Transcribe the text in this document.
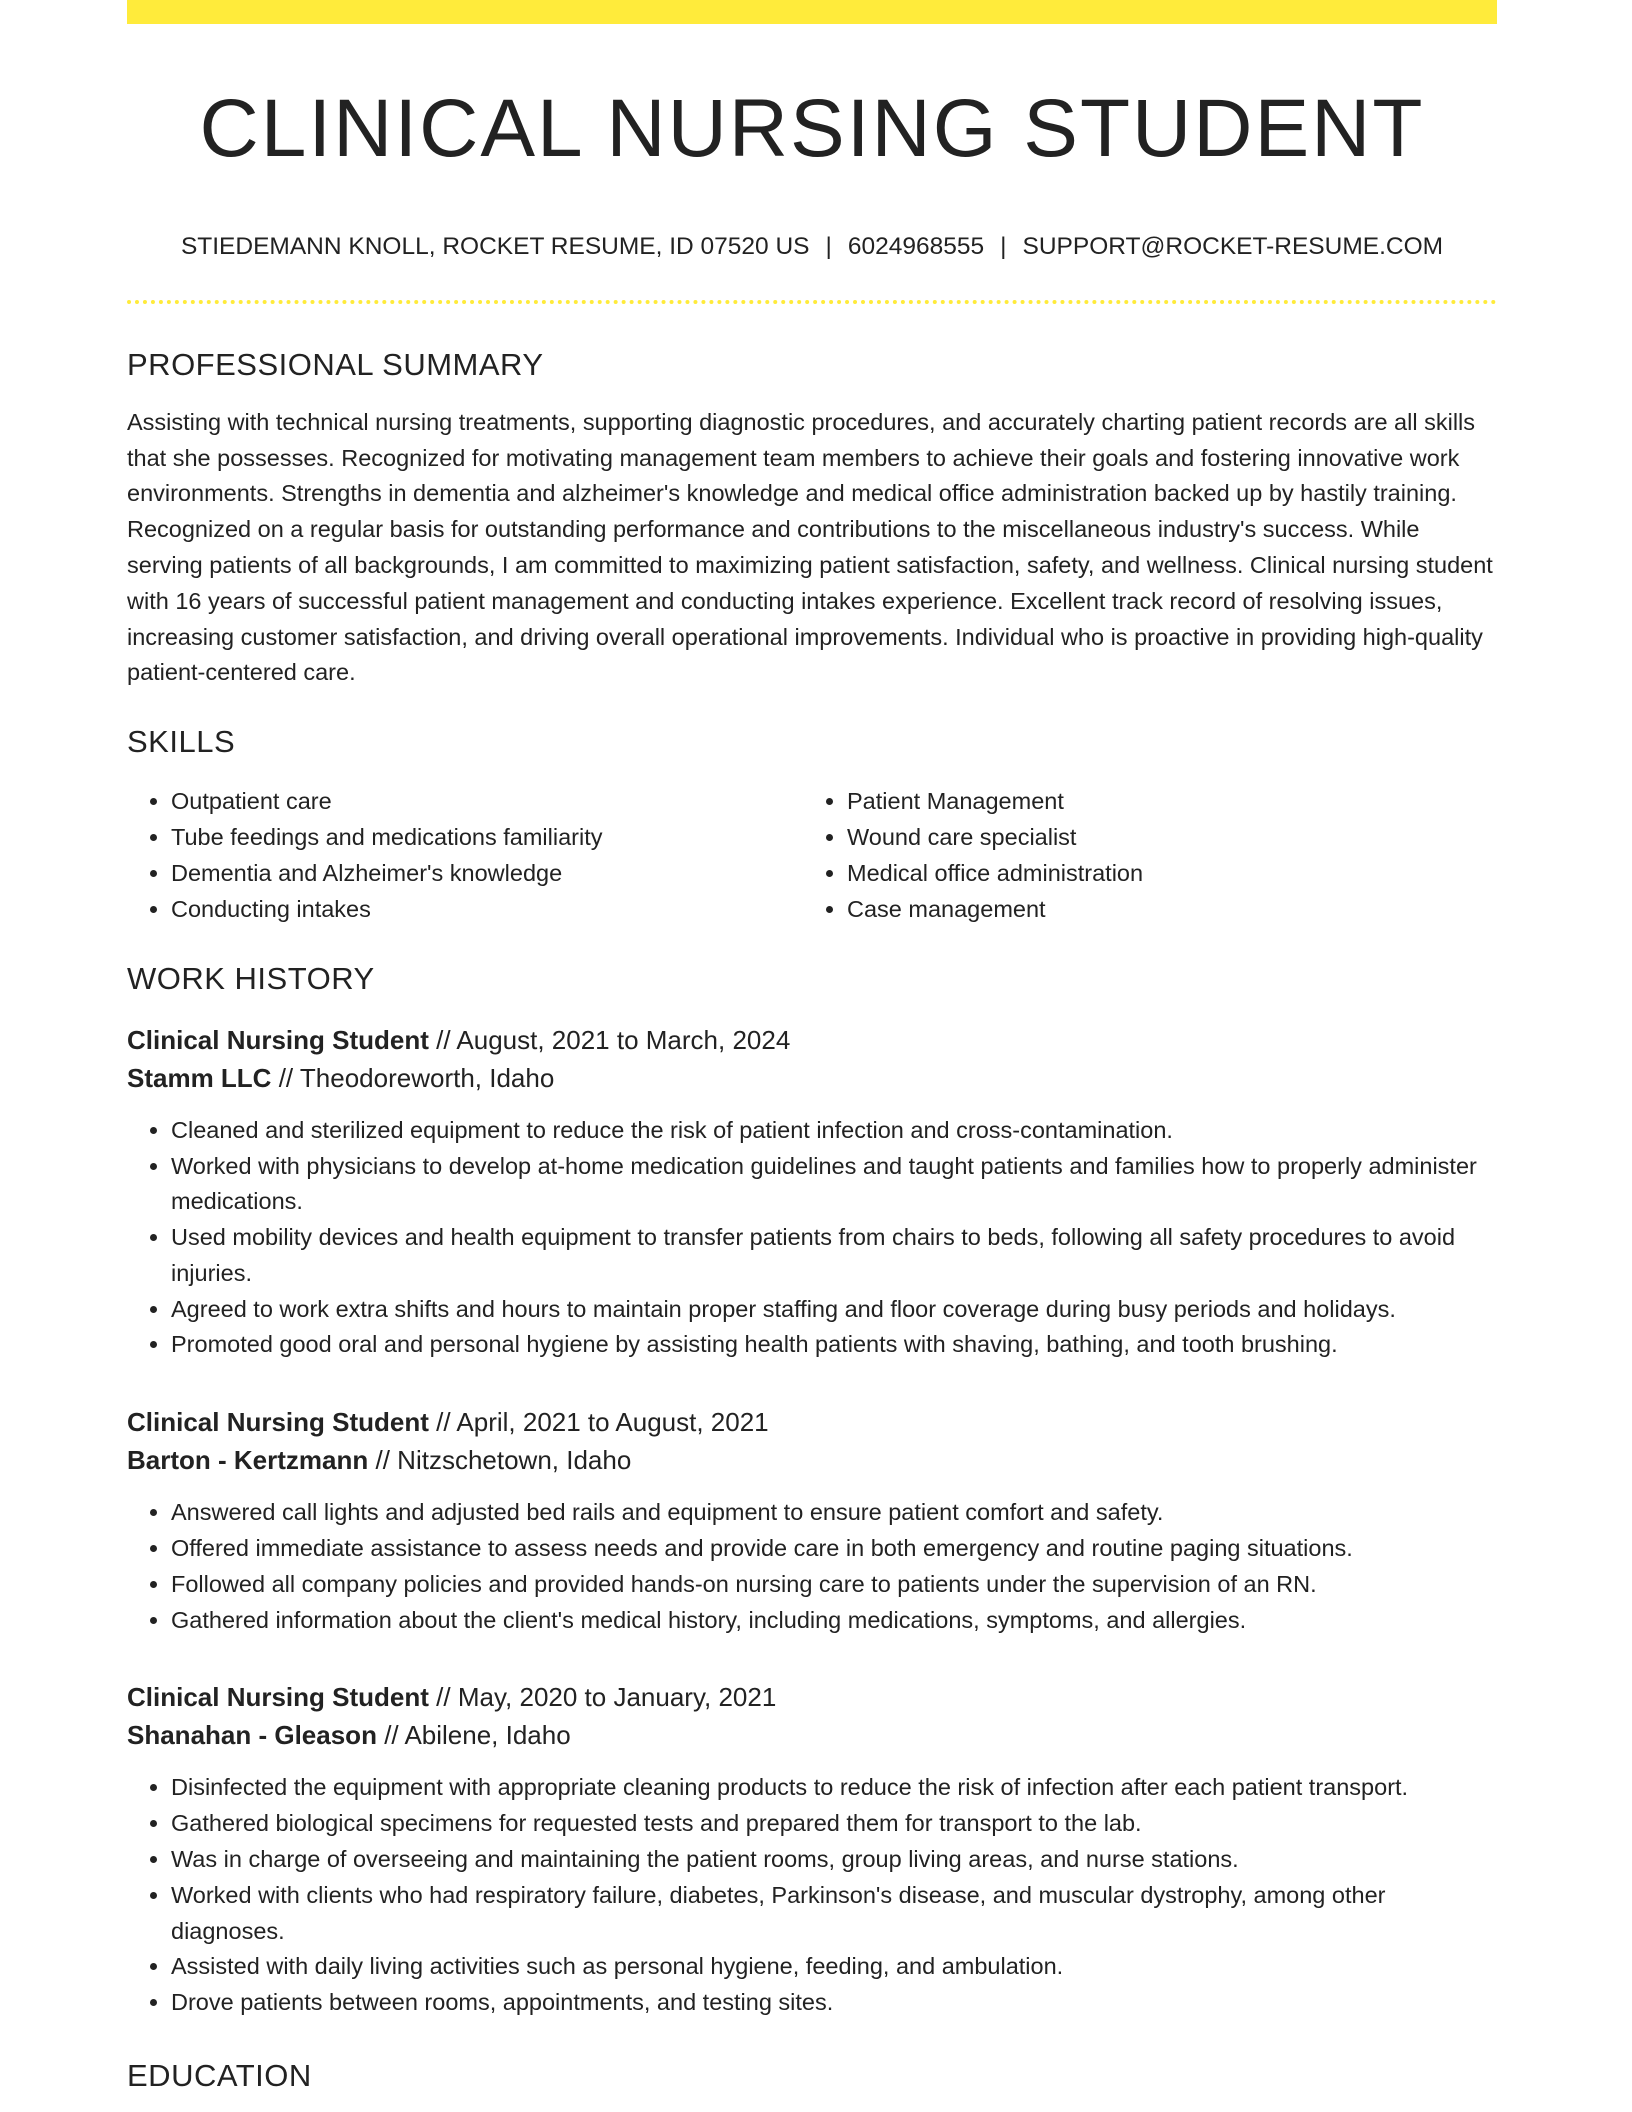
CLINICAL NURSING STUDENT
STIEDEMANN KNOLL, ROCKET RESUME, ID 07520 US | 6024968555 | SUPPORT@ROCKET-RESUME.COM
PROFESSIONAL SUMMARY

Assisting with technical nursing treatments, supporting diagnostic procedures, and accurately charting patient records are all skills that she possesses. Recognized for motivating management team members to achieve their goals and fostering innovative work environments. Strengths in dementia and alzheimer's knowledge and medical office administration backed up by hastily training. Recognized on a regular basis for outstanding performance and contributions to the miscellaneous industry's success. While serving patients of all backgrounds, I am committed to maximizing patient satisfaction, safety, and wellness. Clinical nursing student with 16 years of successful patient management and conducting intakes experience. Excellent track record of resolving issues, increasing customer satisfaction, and driving overall operational improvements. Individual who is proactive in providing high-quality patient-centered care.

SKILLS
• Outpatient care
• Tube feedings and medications familiarity
• Dementia and Alzheimer's knowledge
• Conducting intakes
• Patient Management
• Wound care specialist
• Medical office administration
• Case management
WORK HISTORY
Clinical Nursing Student // August, 2021 to March, 2024
Stamm LLC // Theodoreworth, Idaho
• Cleaned and sterilized equipment to reduce the risk of patient infection and cross-contamination.
• Worked with physicians to develop at-home medication guidelines and taught patients and families how to properly administer medications.
• Used mobility devices and health equipment to transfer patients from chairs to beds, following all safety procedures to avoid injuries.
• Agreed to work extra shifts and hours to maintain proper staffing and floor coverage during busy periods and holidays.
• Promoted good oral and personal hygiene by assisting health patients with shaving, bathing, and tooth brushing.
Clinical Nursing Student // April, 2021 to August, 2021
Barton - Kertzmann // Nitzschetown, Idaho
• Answered call lights and adjusted bed rails and equipment to ensure patient comfort and safety.
• Offered immediate assistance to assess needs and provide care in both emergency and routine paging situations.
• Followed all company policies and provided hands-on nursing care to patients under the supervision of an RN.
• Gathered information about the client's medical history, including medications, symptoms, and allergies.
Clinical Nursing Student // May, 2020 to January, 2021
Shanahan - Gleason // Abilene, Idaho
• Disinfected the equipment with appropriate cleaning products to reduce the risk of infection after each patient transport.
• Gathered biological specimens for requested tests and prepared them for transport to the lab.
• Was in charge of overseeing and maintaining the patient rooms, group living areas, and nurse stations.
• Worked with clients who had respiratory failure, diabetes, Parkinson's disease, and muscular dystrophy, among other diagnoses.
• Assisted with daily living activities such as personal hygiene, feeding, and ambulation.
• Drove patients between rooms, appointments, and testing sites.
EDUCATION
